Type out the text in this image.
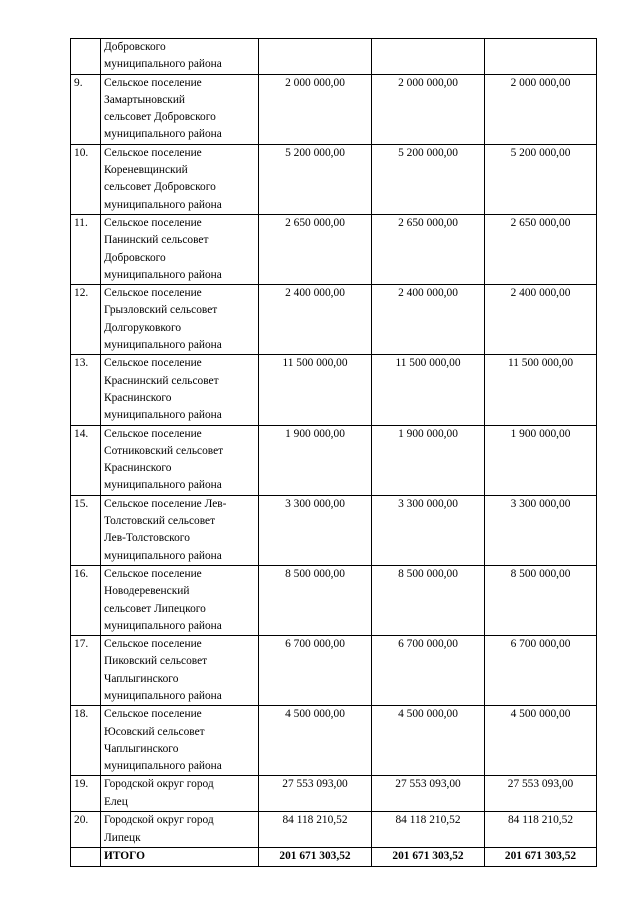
	Добровского
муниципального района			
9.	Сельское поселение
Замартыновский
сельсовет Добровского
муниципального района	2 000 000,00	2 000 000,00	2 000 000,00
10.	Сельское поселение
Кореневщинский
сельсовет Добровского
муниципального района	5 200 000,00	5 200 000,00	5 200 000,00
11.	Сельское поселение
Панинский сельсовет
Добровского
муниципального района	2 650 000,00	2 650 000,00	2 650 000,00
12.	Сельское поселение
Грызловский сельсовет
Долгоруковкого
муниципального района	2 400 000,00	2 400 000,00	2 400 000,00
13.	Сельское поселение
Краснинский сельсовет
Краснинского
муниципального района	11 500 000,00	11 500 000,00	11 500 000,00
14.	Сельское поселение
Сотниковский сельсовет
Краснинского
муниципального района	1 900 000,00	1 900 000,00	1 900 000,00
15.	Сельское поселение Лев-
Толстовский сельсовет
Лев-Толстовского
муниципального района	3 300 000,00	3 300 000,00	3 300 000,00
16.	Сельское поселение
Новодеревенский
сельсовет Липецкого
муниципального района	8 500 000,00	8 500 000,00	8 500 000,00
17.	Сельское поселение
Пиковский сельсовет
Чаплыгинского
муниципального района	6 700 000,00	6 700 000,00	6 700 000,00
18.	Сельское поселение
Юсовский сельсовет
Чаплыгинского
муниципального района	4 500 000,00	4 500 000,00	4 500 000,00
19.	Городской округ город
Елец	27 553 093,00	27 553 093,00	27 553 093,00
20.	Городской округ город
Липецк	84 118 210,52	84 118 210,52	84 118 210,52
	ИТОГО	201 671 303,52	201 671 303,52	201 671 303,52
